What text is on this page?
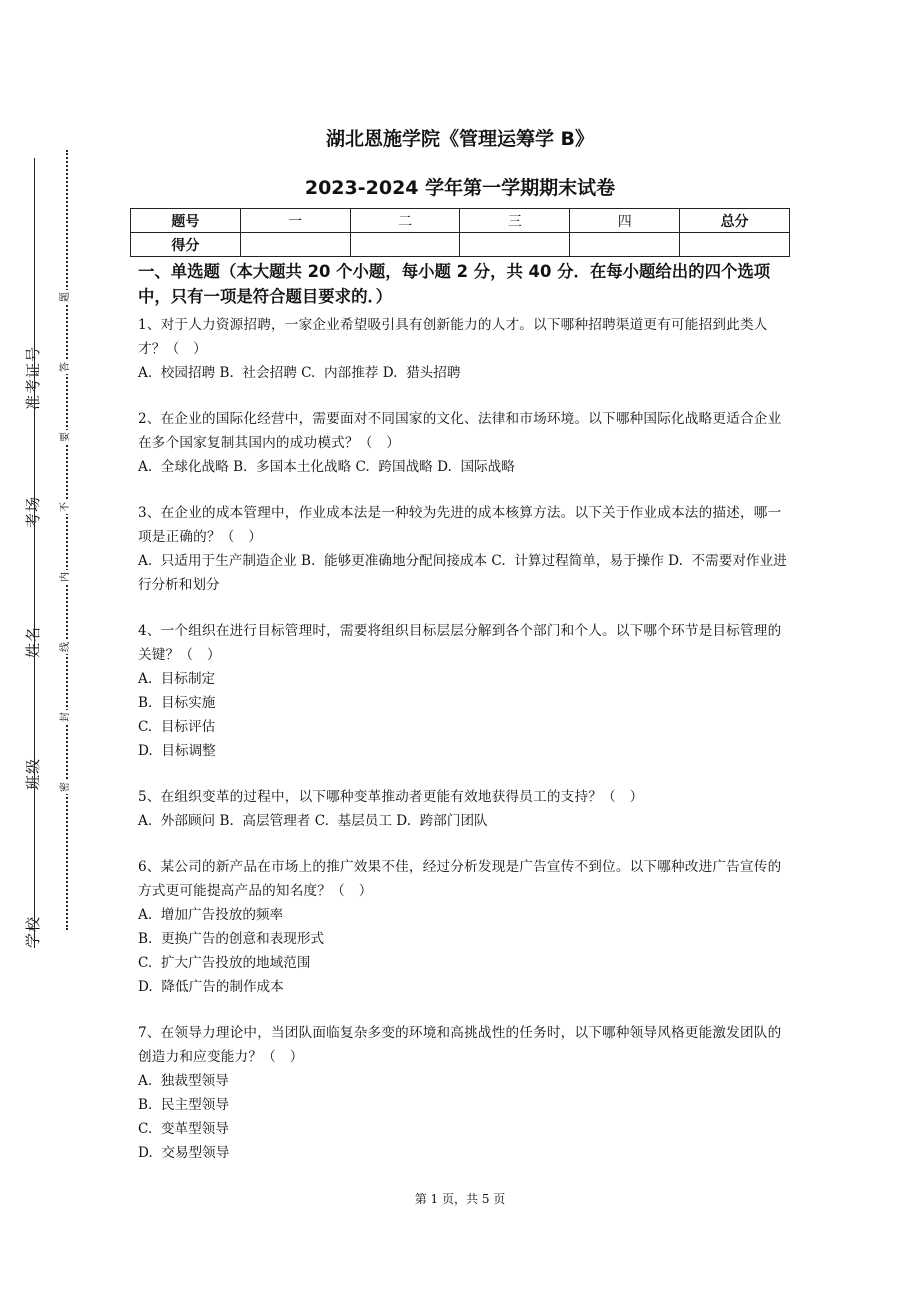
准考证号
考场
姓名
班级
学校
题
答
要
不
内
线
封
密
湖北恩施学院《管理运筹学 B》
2023-2024 学年第一学期期末试卷
题号	一	二	三	四	总分
得分					

一、单选题（本大题共 20 个小题，每小题 2 分，共 40 分．在每小题给出的四个选项中，只有一项是符合题目要求的．）

1、对于人力资源招聘，一家企业希望吸引具有创新能力的人才。以下哪种招聘渠道更有可能招到此类人才？（　）

A.  校园招聘 B.  社会招聘 C.  内部推荐 D.  猎头招聘

2、在企业的国际化经营中，需要面对不同国家的文化、法律和市场环境。以下哪种国际化战略更适合企业在多个国家复制其国内的成功模式？（　）

A.  全球化战略 B.  多国本土化战略 C.  跨国战略 D.  国际战略

3、在企业的成本管理中，作业成本法是一种较为先进的成本核算方法。以下关于作业成本法的描述，哪一项是正确的？（　）

A.  只适用于生产制造企业 B.  能够更准确地分配间接成本 C.  计算过程简单，易于操作 D.  不需要对作业进行分析和划分

4、一个组织在进行目标管理时，需要将组织目标层层分解到各个部门和个人。以下哪个环节是目标管理的关键？（　）

A.  目标制定

B.  目标实施

C.  目标评估

D.  目标调整

5、在组织变革的过程中，以下哪种变革推动者更能有效地获得员工的支持？（　）

A.  外部顾问 B.  高层管理者 C.  基层员工 D.  跨部门团队

6、某公司的新产品在市场上的推广效果不佳，经过分析发现是广告宣传不到位。以下哪种改进广告宣传的方式更可能提高产品的知名度？（　）

A.  增加广告投放的频率

B.  更换广告的创意和表现形式

C.  扩大广告投放的地域范围

D.  降低广告的制作成本

7、在领导力理论中，当团队面临复杂多变的环境和高挑战性的任务时，以下哪种领导风格更能激发团队的创造力和应变能力？（　）

A.  独裁型领导

B.  民主型领导

C.  变革型领导

D.  交易型领导

第 1 页，共 5 页
